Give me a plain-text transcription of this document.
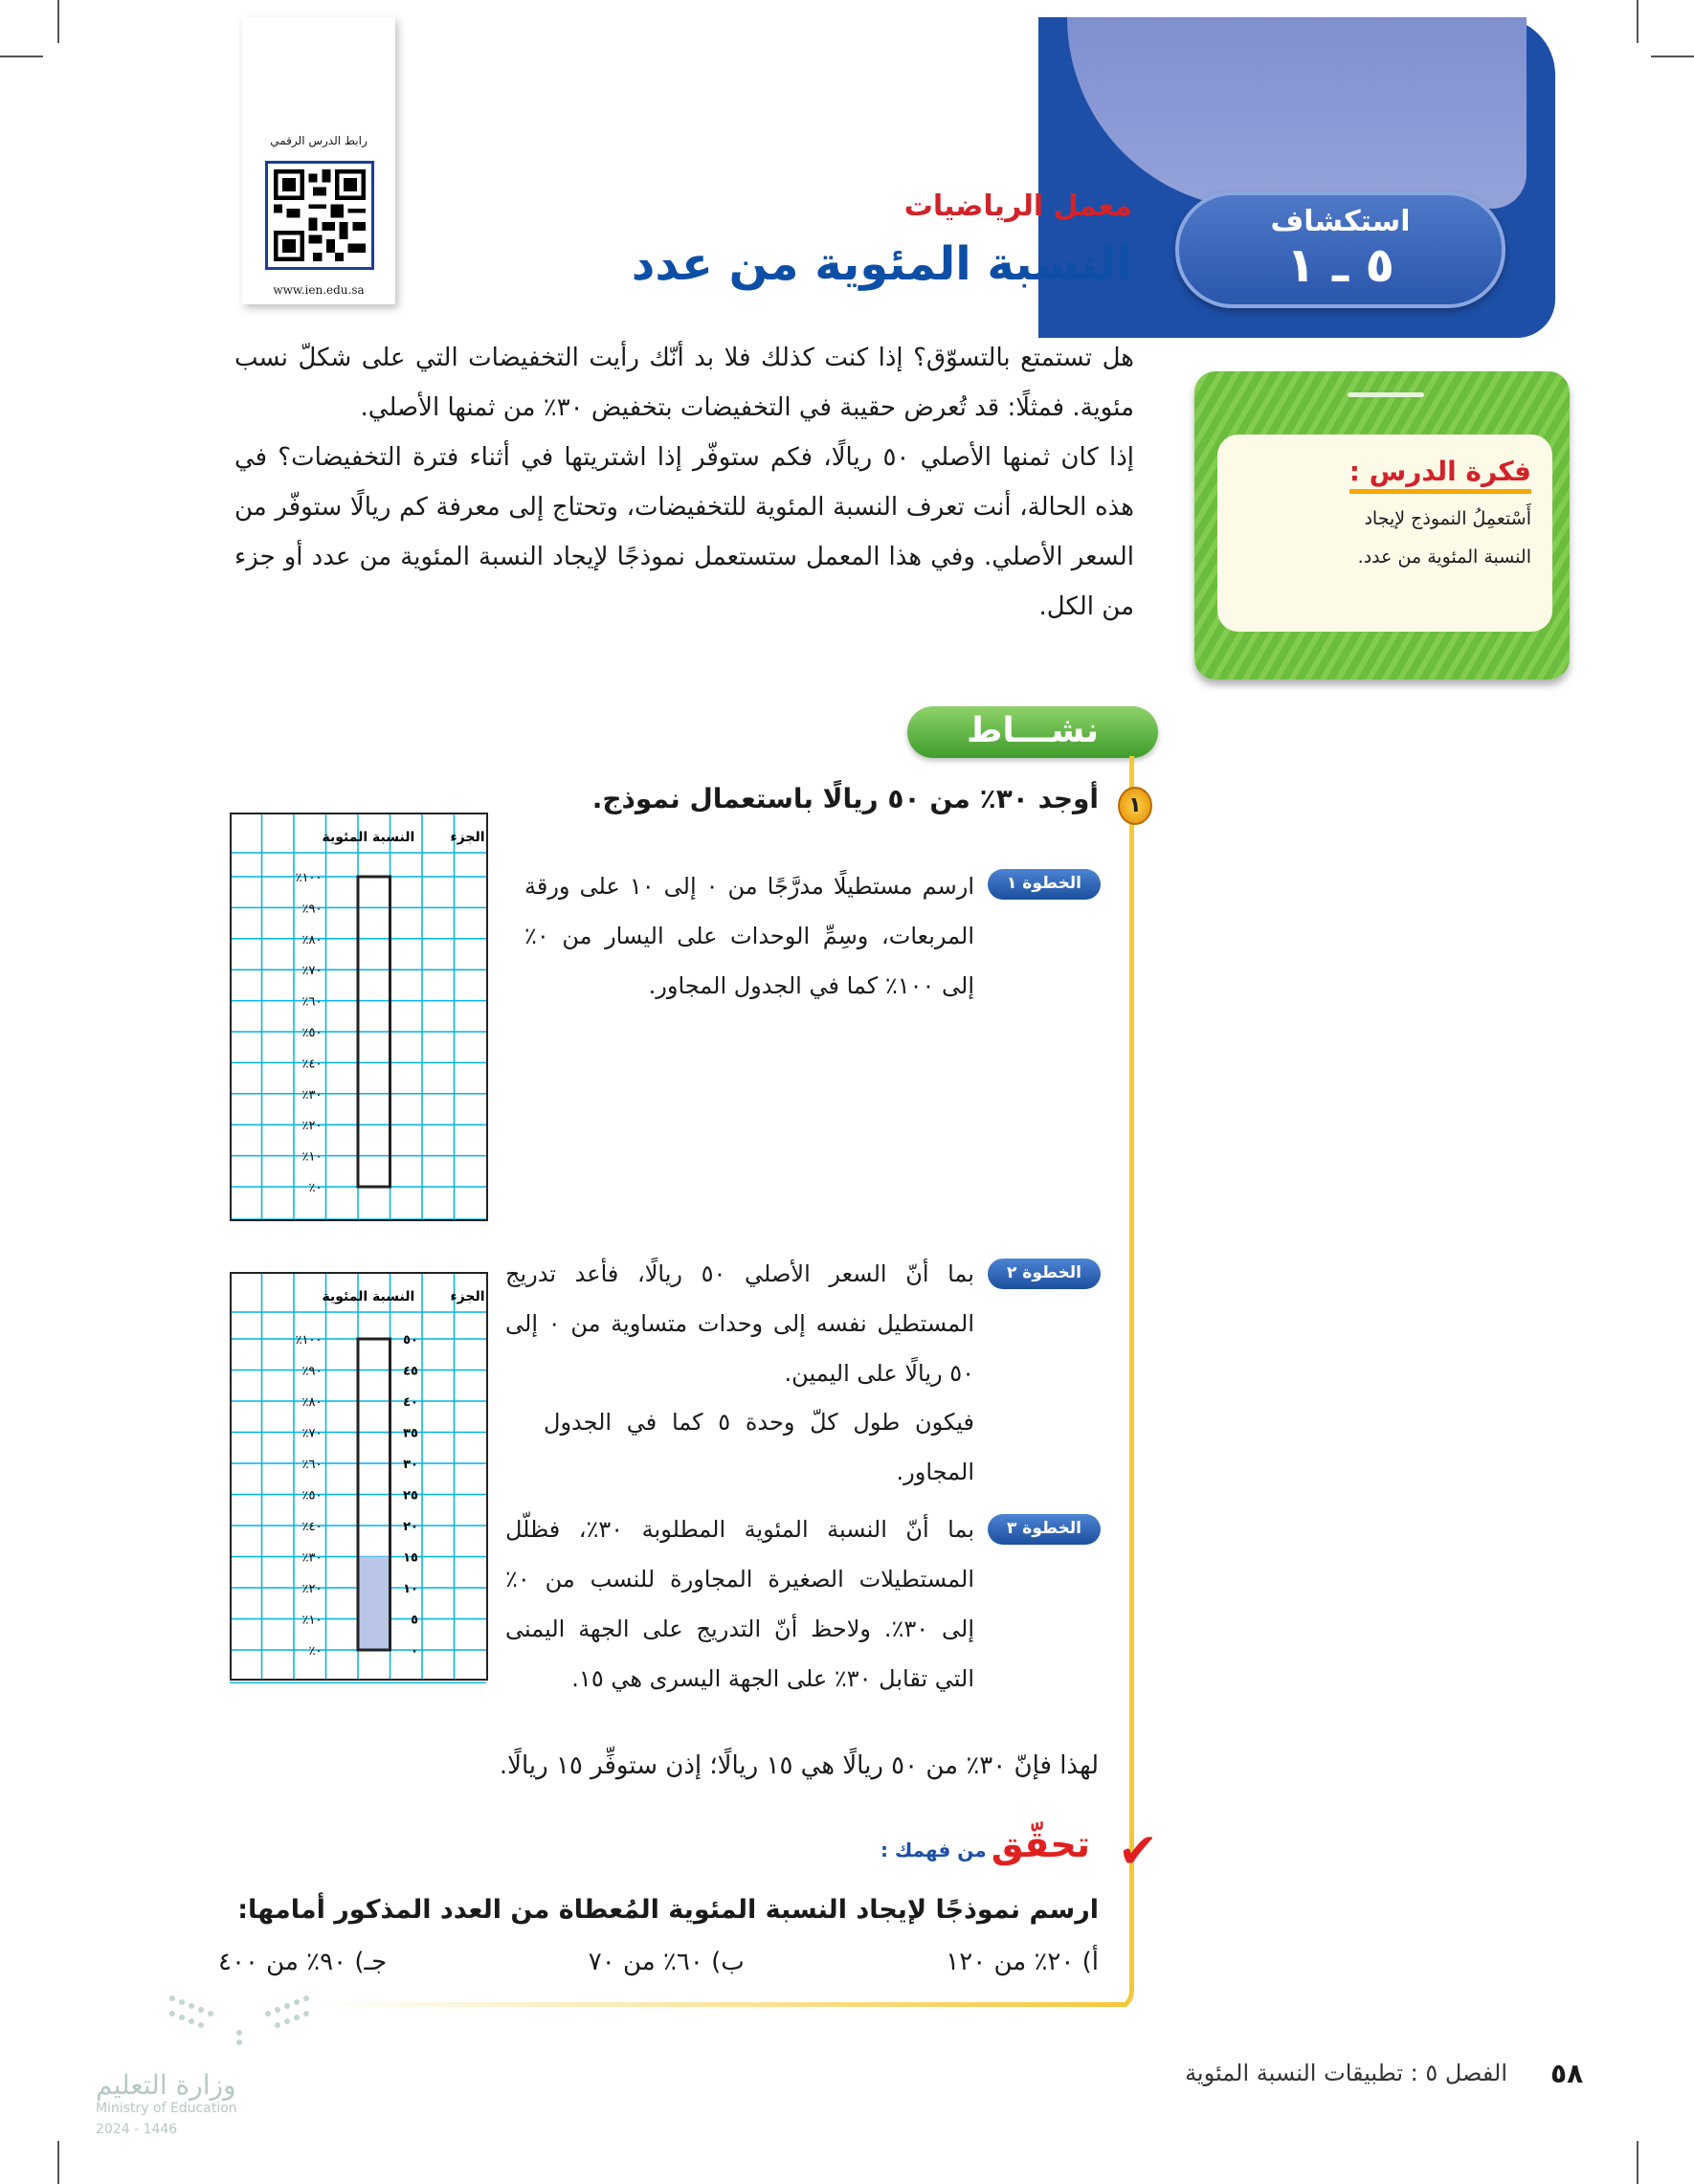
رابط الدرس الرقمي
www.ien.edu.sa
استكشاف
٥ ـ ١
معمل الرياضيات
النسبة المئوية من عدد

هل تستمتع بالتسوّق؟ إذا كنت كذلك فلا بد أنّك رأيت التخفيضات التي على شكلّ نسب مئوية. فمثلًا: قد تُعرض حقيبة في التخفيضات بتخفيض ٣٠٪ من ثمنها الأصلي.

إذا كان ثمنها الأصلي ٥٠ ريالًا، فكم ستوفّر إذا اشتريتها في أثناء فترة التخفيضات؟ في هذه الحالة، أنت تعرف النسبة المئوية للتخفيضات، وتحتاج إلى معرفة كم ريالًا ستوفّر من السعر الأصلي. وفي هذا المعمل ستستعمل نموذجًا لإيجاد النسبة المئوية من عدد أو جزء من الكل.

فكرة الدرس :
أَسْتعمِلُ النموذج لإيجاد
النسبة المئوية من عدد.
نشـــاط
١
أوجد ٣٠٪ من ٥٠ ريالًا باستعمال نموذج.
الخطوة ١
ارسم مستطيلًا مدرَّجًا من ٠ إلى ١٠ على ورقة المربعات، وسِمِّ الوحدات على اليسار من ٠٪ إلى ١٠٠٪ كما في الجدول المجاور.
الخطوة ٢
بما أنّ السعر الأصلي ٥٠ ريالًا، فأعد تدريج المستطيل نفسه إلى وحدات متساوية من ٠ إلى ٥٠ ريالًا على اليمين.
فيكون طول كلّ وحدة ٥ كما في الجدول المجاور.
الخطوة ٣
بما أنّ النسبة المئوية المطلوبة ٣٠٪، فظلّل المستطيلات الصغيرة المجاورة للنسب من ٠٪ إلى ٣٠٪. ولاحظ أنّ التدريج على الجهة اليمنى التي تقابل ٣٠٪ على الجهة اليسرى هي ١٥.
النسبة المئوية	الجزء
٪١٠٠
٪٩٠
٪٨٠
٪٧٠
٪٦٠
٪٥٠
٪٤٠
٪٣٠
٪٢٠
٪١٠
٪٠
النسبة المئوية	الجزء
٪١٠٠
٪٩٠
٪٨٠
٪٧٠
٪٦٠
٪٥٠
٪٤٠
٪٣٠
٪٢٠
٪١٠
٪٠
٥٠
٤٥
٤٠
٣٥
٣٠
٢٥
٢٠
١٥
١٠
٥
٠
لهذا فإنّ ٣٠٪ من ٥٠ ريالًا هي ١٥ ريالًا؛ إذن ستوفِّر ١٥ ريالًا.
✔
تحقّق من فهمك :
ارسم نموذجًا لإيجاد النسبة المئوية المُعطاة من العدد المذكور أمامها:
أ) ٢٠٪ من ١٢٠
ب) ٦٠٪ من ٧٠
جـ) ٩٠٪ من ٤٠٠
وزارة التعليم
Ministry of Education
2024 - 1446
٥٨
الفصل ٥ : تطبيقات النسبة المئوية
